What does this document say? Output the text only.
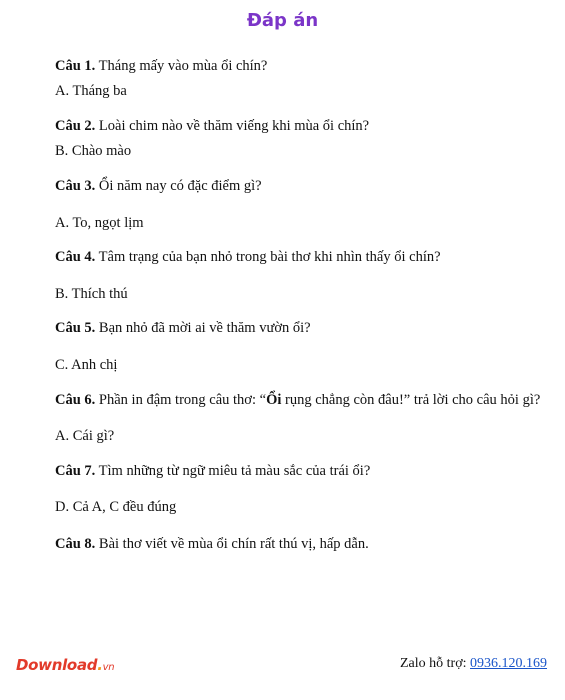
Đáp án
Câu 1. Tháng mấy vào mùa ổi chín?
A. Tháng ba
Câu 2. Loài chim nào về thăm viếng khi mùa ổi chín?
B. Chào mào
Câu 3. Ổi năm nay có đặc điểm gì?
A. To, ngọt lịm
Câu 4. Tâm trạng của bạn nhỏ trong bài thơ khi nhìn thấy ổi chín?
B. Thích thú
Câu 5. Bạn nhỏ đã mời ai về thăm vườn ổi?
C. Anh chị
Câu 6. Phần in đậm trong câu thơ: “Ổi rụng chẳng còn đâu!” trả lời cho câu hỏi gì?
A. Cái gì?
Câu 7. Tìm những từ ngữ miêu tả màu sắc của trái ổi?
D. Cả A, C đều đúng
Câu 8. Bài thơ viết về mùa ổi chín rất thú vị, hấp dẫn.
Download.vn	Zalo hỗ trợ: 0936.120.169
